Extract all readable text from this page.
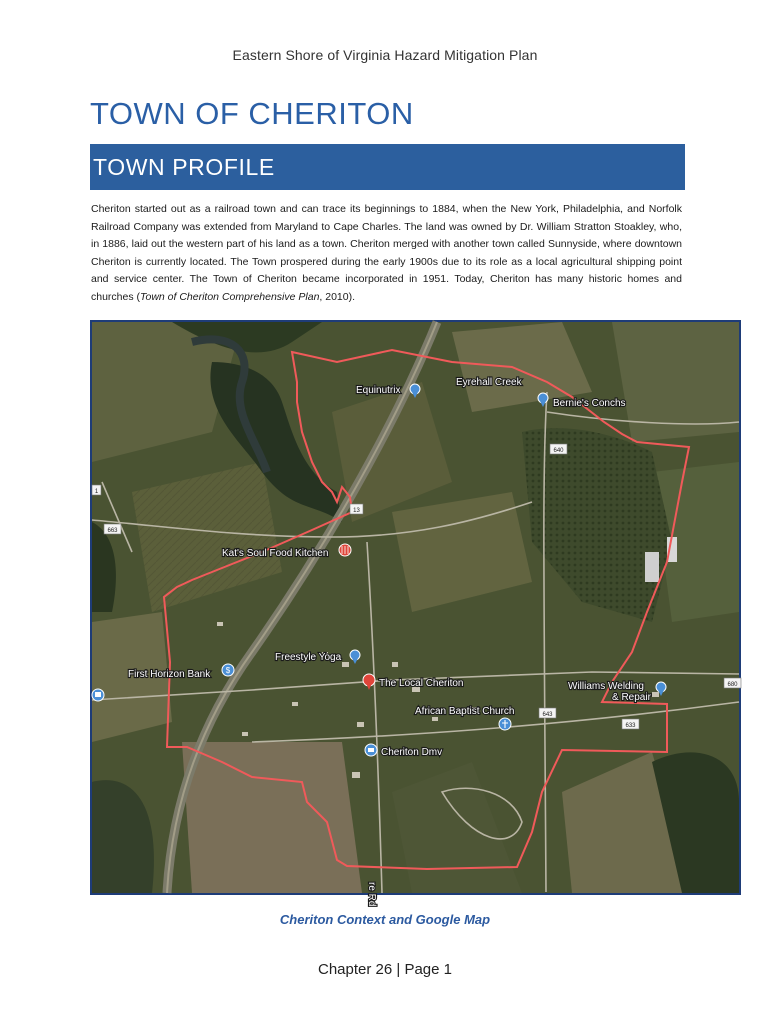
Eastern Shore of Virginia Hazard Mitigation Plan
TOWN OF CHERITON
TOWN PROFILE
Cheriton started out as a railroad town and can trace its beginnings to 1884, when the New York, Philadelphia, and Norfolk Railroad Company was extended from Maryland to Cape Charles. The land was owned by Dr. William Stratton Stoakley, who, in 1886, laid out the western part of his land as a town. Cheriton merged with another town called Sunnyside, where downtown Cheriton is currently located. The Town prospered during the early 1900s due to its role as a local agricultural shipping point and service center. The Town of Cheriton became incorporated in 1951. Today, Cheriton has many historic homes and churches (Town of Cheriton Comprehensive Plan, 2010).
640
663
13
1
643
633
680
re Rd
Equinutrix
Eyrehall Creek
Bernie's Conchs
Kat's Soul Food Kitchen
Freestyle Yoga
First Horizon Bank $
The Local Cheriton	Williams Welding
& Repair
African Baptist Church
Cheriton Dmv
Cheriton Context and Google Map
Chapter 26 | Page 1
